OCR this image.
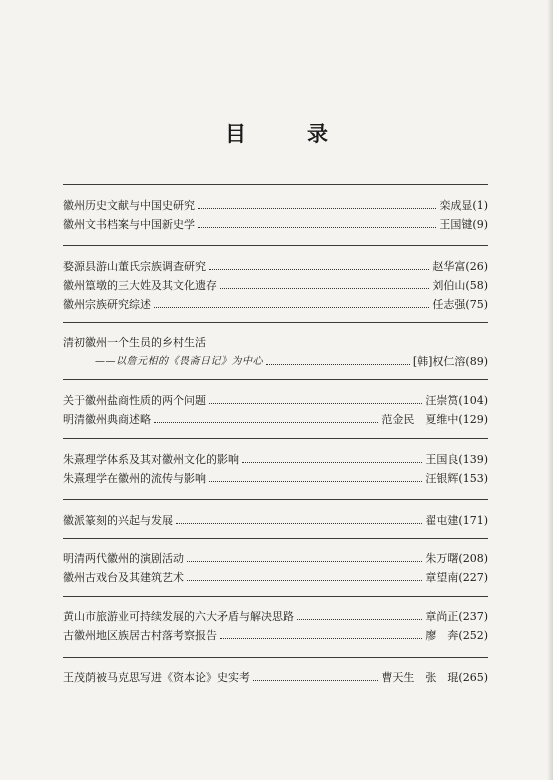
目　录
徽州历史文献与中国史研究	栾成显(1)
徽州文书档案与中国新史学	王国键(9)
婺源县游山董氏宗族调查研究	赵华富(26)
徽州篁墩的三大姓及其文化遗存	刘伯山(58)
徽州宗族研究综述	任志强(75)
清初徽州一个生员的乡村生活
——以詹元相的《畏斋日记》为中心	[韩]权仁溶(89)
关于徽州盐商性质的两个问题	汪崇筼(104)
明清徽州典商述略	范金民　夏维中(129)
朱熹理学体系及其对徽州文化的影响	王国良(139)
朱熹理学在徽州的流传与影响	汪银辉(153)
徽派篆刻的兴起与发展	翟屯建(171)
明清两代徽州的演剧活动	朱万曙(208)
徽州古戏台及其建筑艺术	章望南(227)
黄山市旅游业可持续发展的六大矛盾与解决思路	章尚正(237)
古徽州地区族居古村落考察报告	廖　奔(252)
王茂荫被马克思写进《资本论》史实考	曹天生　张　琨(265)
